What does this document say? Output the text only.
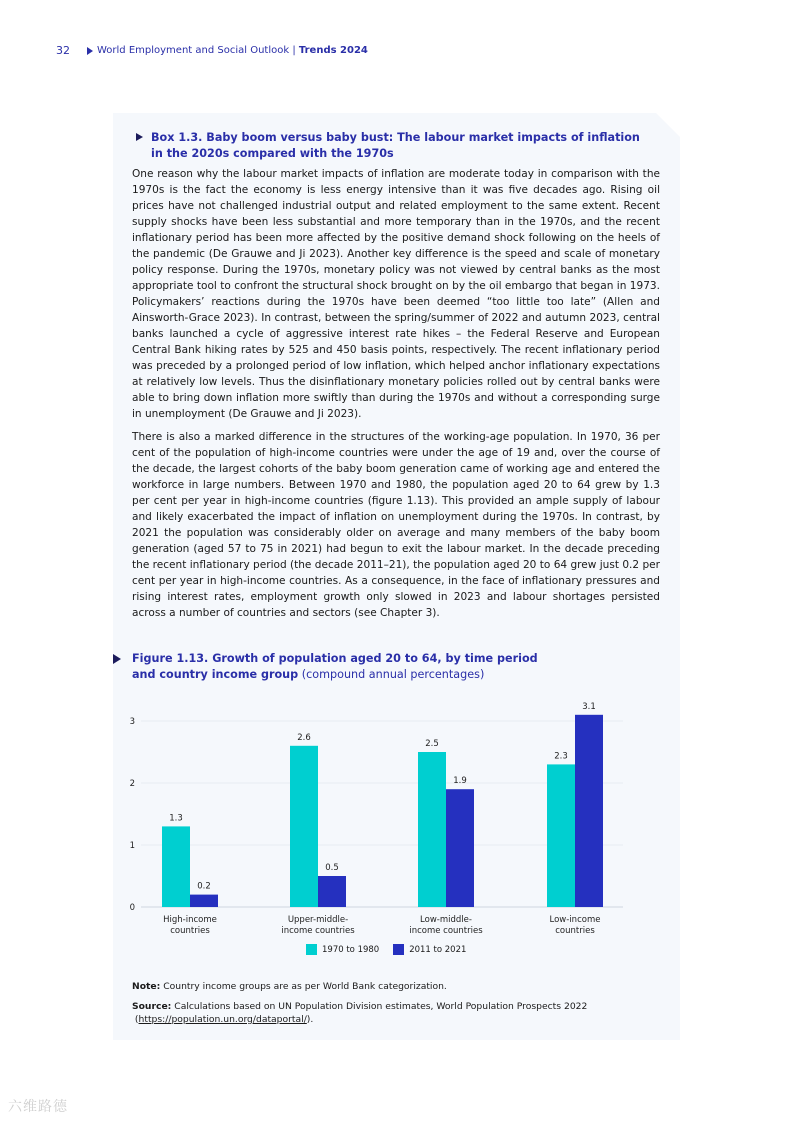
32	World Employment and Social Outlook | Trends 2024
Box 1.3. Baby boom versus baby bust: The labour market impacts of inflation
in the 2020s compared with the 1970s

One reason why the labour market impacts of inflation are moderate today in comparison with the 1970s is the fact the economy is less energy intensive than it was five decades ago. Rising oil prices have not challenged industrial output and related employment to the same extent. Recent supply shocks have been less substantial and more temporary than in the 1970s, and the recent inflationary period has been more affected by the positive demand shock following on the heels of the pandemic (De Grauwe and Ji 2023). Another key difference is the speed and scale of monetary policy response. During the 1970s, monetary policy was not viewed by central banks as the most appropriate tool to confront the structural shock brought on by the oil embargo that began in 1973. Policymakers’ reactions during the 1970s have been deemed “too little too late” (Allen and Ainsworth-Grace 2023). In contrast, between the spring/summer of 2022 and autumn 2023, central banks launched a cycle of aggressive interest rate hikes – the Federal Reserve and European Central Bank hiking rates by 525 and 450 basis points, respectively. The recent inflationary period was preceded by a prolonged period of low inflation, which helped anchor inflationary expectations at relatively low levels. Thus the disinflationary monetary policies rolled out by central banks were able to bring down inflation more swiftly than during the 1970s and without a corresponding surge in unemployment (De Grauwe and Ji 2023).

There is also a marked difference in the structures of the working-age population. In 1970, 36 per cent of the population of high-income countries were under the age of 19 and, over the course of the decade, the largest cohorts of the baby boom generation came of working age and entered the workforce in large numbers. Between 1970 and 1980, the population aged 20 to 64 grew by 1.3 per cent per year in high-income countries (figure 1.13). This provided an ample supply of labour and likely exacerbated the impact of inflation on unemployment during the 1970s. In contrast, by 2021 the population was considerably older on average and many members of the baby boom generation (aged 57 to 75 in 2021) had begun to exit the labour market. In the decade preceding the recent inflationary period (the decade 2011–21), the population aged 20 to 64 grew just 0.2 per cent per year in high-income countries. As a consequence, in the face of inflationary pressures and rising interest rates, employment growth only slowed in 2023 and labour shortages persisted across a number of countries and sectors (see Chapter 3).

Figure 1.13. Growth of population aged 20 to 64, by time period
and country income group (compound annual percentages)
0
1
2
3
1.3
2.6
2.5
2.3
0.2
0.5
1.9
3.1
High-income
countries
Upper-middle-
income countries
Low-middle-
income countries
Low-income
countries
1970 to 1980	2011 to 2021
Note: Country income groups are as per World Bank categorization.
Source: Calculations based on UN Population Division estimates, World Population Prospects 2022
(https://population.un.org/dataportal/).
六维路德
